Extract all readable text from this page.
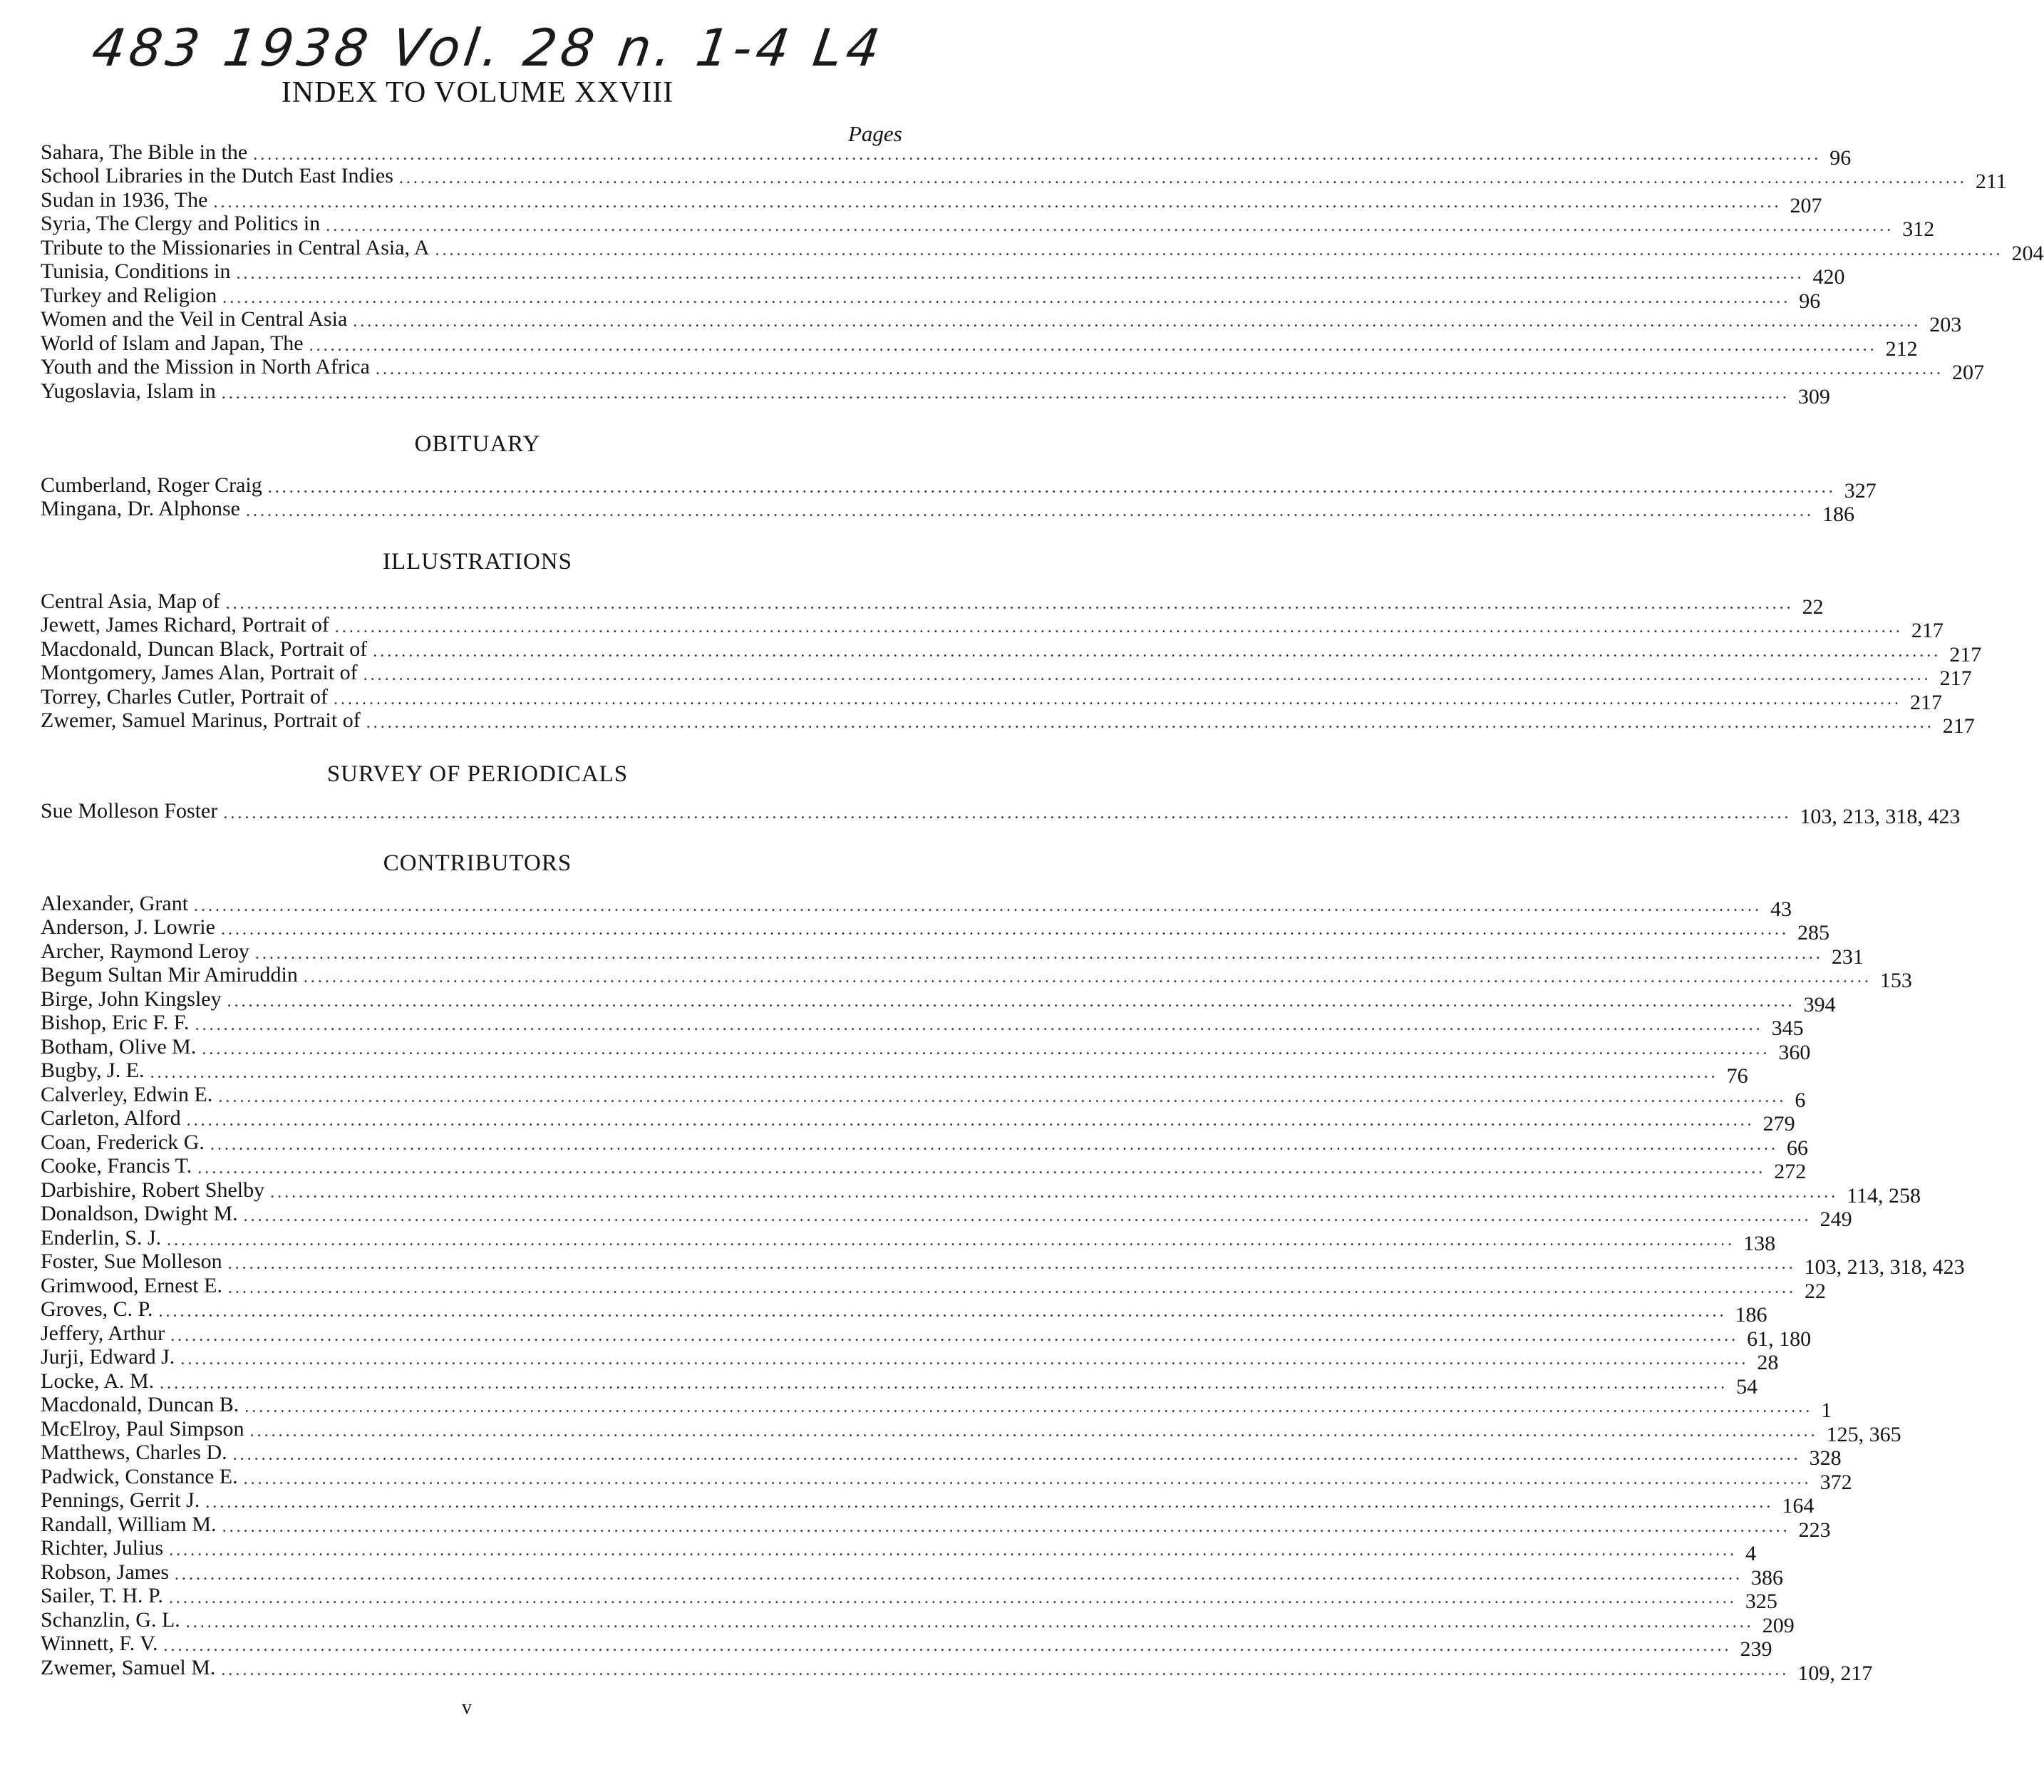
483 1938 Vol. 28 n. 1-4 L4
INDEX TO VOLUME XXVIII
Pages
Sahara, The Bible in the ............................................................................................................................................................................................................................ 96
School Libraries in the Dutch East Indies ............................................................................................................................................................................................................................ 211
Sudan in 1936, The ............................................................................................................................................................................................................................ 207
Syria, The Clergy and Politics in ............................................................................................................................................................................................................................ 312
Tribute to the Missionaries in Central Asia, A ............................................................................................................................................................................................................................ 204
Tunisia, Conditions in ............................................................................................................................................................................................................................ 420
Turkey and Religion ............................................................................................................................................................................................................................ 96
Women and the Veil in Central Asia ............................................................................................................................................................................................................................ 203
World of Islam and Japan, The ............................................................................................................................................................................................................................ 212
Youth and the Mission in North Africa ............................................................................................................................................................................................................................ 207
Yugoslavia, Islam in ............................................................................................................................................................................................................................ 309
OBITUARY
Cumberland, Roger Craig ............................................................................................................................................................................................................................ 327
Mingana, Dr. Alphonse ............................................................................................................................................................................................................................ 186
ILLUSTRATIONS
Central Asia, Map of ............................................................................................................................................................................................................................ 22
Jewett, James Richard, Portrait of ............................................................................................................................................................................................................................ 217
Macdonald, Duncan Black, Portrait of ............................................................................................................................................................................................................................ 217
Montgomery, James Alan, Portrait of ............................................................................................................................................................................................................................ 217
Torrey, Charles Cutler, Portrait of ............................................................................................................................................................................................................................ 217
Zwemer, Samuel Marinus, Portrait of ............................................................................................................................................................................................................................ 217
SURVEY OF PERIODICALS
Sue Molleson Foster ............................................................................................................................................................................................................................ 103, 213, 318, 423
CONTRIBUTORS
Alexander, Grant ............................................................................................................................................................................................................................ 43
Anderson, J. Lowrie ............................................................................................................................................................................................................................ 285
Archer, Raymond Leroy ............................................................................................................................................................................................................................ 231
Begum Sultan Mir Amiruddin ............................................................................................................................................................................................................................ 153
Birge, John Kingsley ............................................................................................................................................................................................................................ 394
Bishop, Eric F. F. ............................................................................................................................................................................................................................ 345
Botham, Olive M. ............................................................................................................................................................................................................................ 360
Bugby, J. E. ............................................................................................................................................................................................................................ 76
Calverley, Edwin E. ............................................................................................................................................................................................................................ 6
Carleton, Alford ............................................................................................................................................................................................................................ 279
Coan, Frederick G. ............................................................................................................................................................................................................................ 66
Cooke, Francis T. ............................................................................................................................................................................................................................ 272
Darbishire, Robert Shelby ............................................................................................................................................................................................................................ 114, 258
Donaldson, Dwight M. ............................................................................................................................................................................................................................ 249
Enderlin, S. J. ............................................................................................................................................................................................................................ 138
Foster, Sue Molleson ............................................................................................................................................................................................................................ 103, 213, 318, 423
Grimwood, Ernest E. ............................................................................................................................................................................................................................ 22
Groves, C. P. ............................................................................................................................................................................................................................ 186
Jeffery, Arthur ............................................................................................................................................................................................................................ 61, 180
Jurji, Edward J. ............................................................................................................................................................................................................................ 28
Locke, A. M. ............................................................................................................................................................................................................................ 54
Macdonald, Duncan B. ............................................................................................................................................................................................................................ 1
McElroy, Paul Simpson ............................................................................................................................................................................................................................ 125, 365
Matthews, Charles D. ............................................................................................................................................................................................................................ 328
Padwick, Constance E. ............................................................................................................................................................................................................................ 372
Pennings, Gerrit J. ............................................................................................................................................................................................................................ 164
Randall, William M. ............................................................................................................................................................................................................................ 223
Richter, Julius ............................................................................................................................................................................................................................ 4
Robson, James ............................................................................................................................................................................................................................ 386
Sailer, T. H. P. ............................................................................................................................................................................................................................ 325
Schanzlin, G. L. ............................................................................................................................................................................................................................ 209
Winnett, F. V. ............................................................................................................................................................................................................................ 239
Zwemer, Samuel M. ............................................................................................................................................................................................................................ 109, 217
v
